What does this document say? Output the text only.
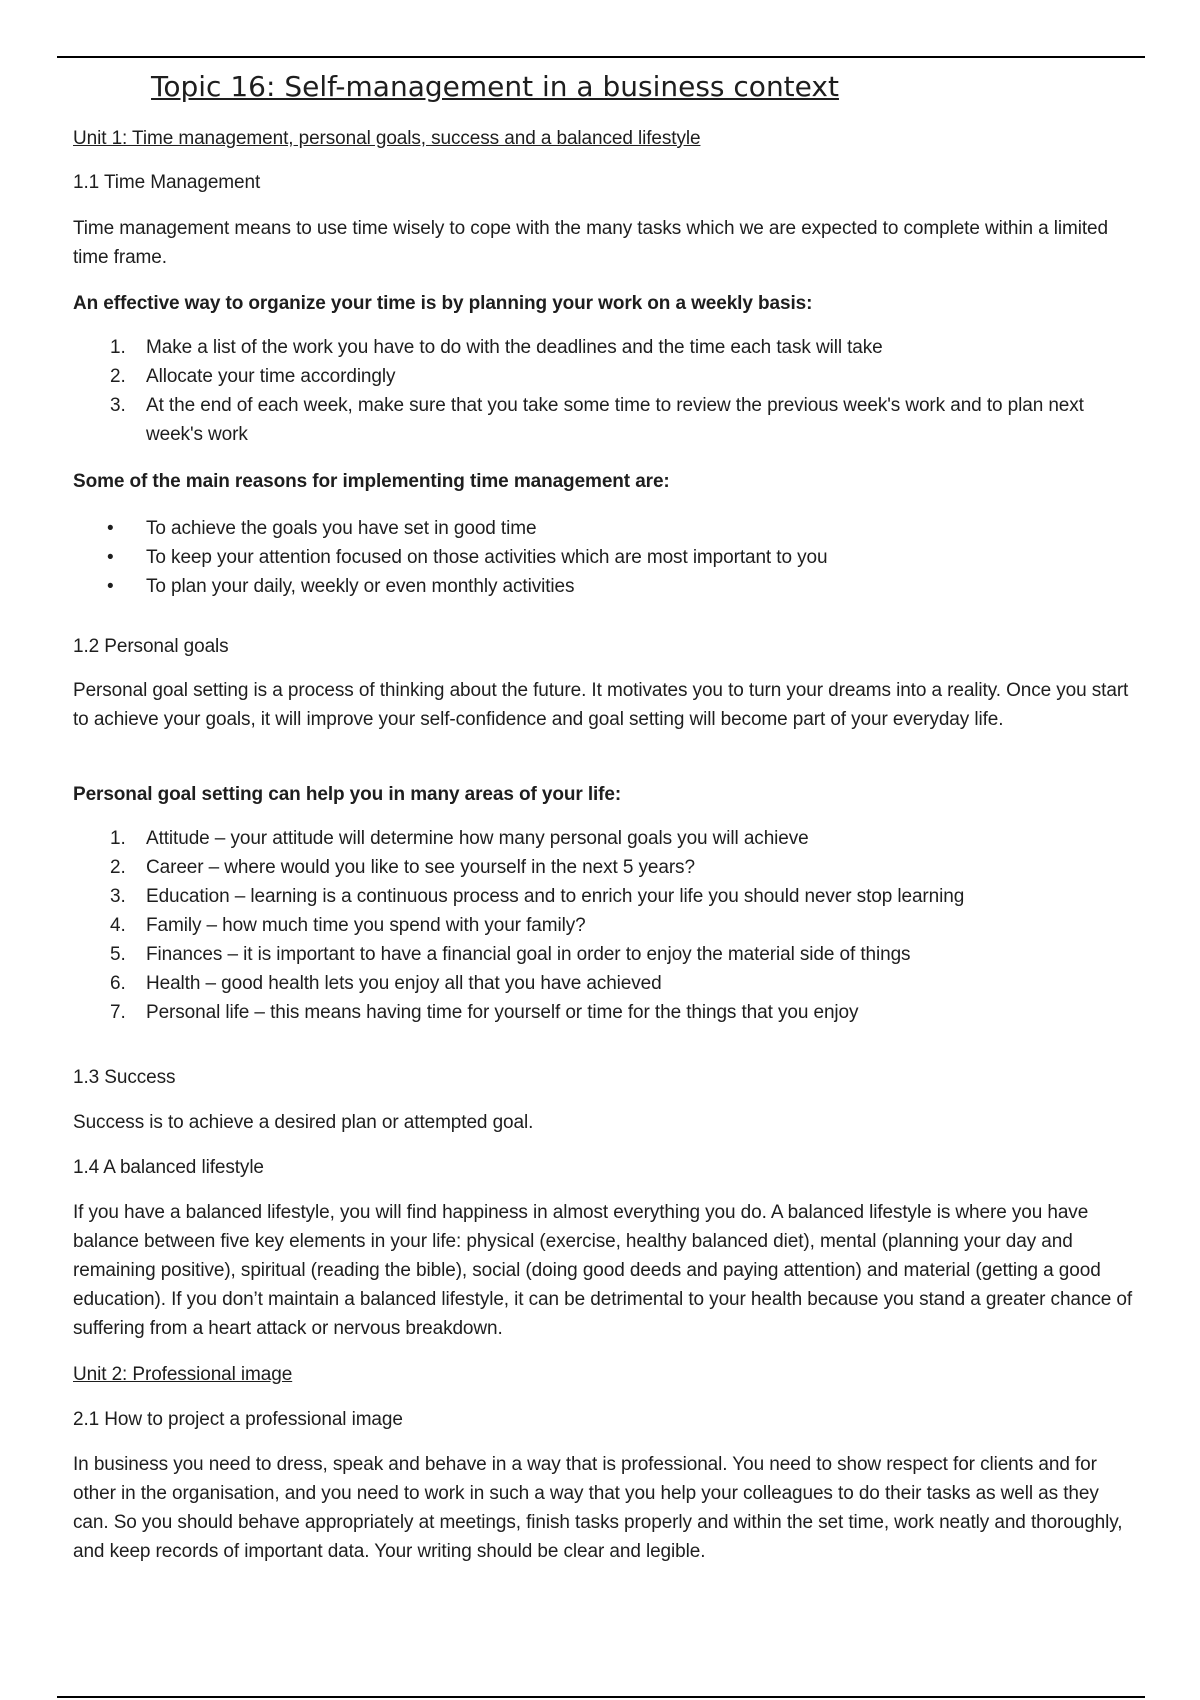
Topic 16: Self-management in a business context

Unit 1: Time management, personal goals, success and a balanced lifestyle

1.1 Time Management

Time management means to use time wisely to cope with the many tasks which we are expected to complete within a limited time frame.

An effective way to organize your time is by planning your work on a weekly basis:

1.	Make a list of the work you have to do with the deadlines and the time each task will take
2.	Allocate your time accordingly
3.	At the end of each week, make sure that you take some time to review the previous week's work and to plan next week's work

Some of the main reasons for implementing time management are:

• To achieve the goals you have set in good time
• To keep your attention focused on those activities which are most important to you
• To plan your daily, weekly or even monthly activities

1.2 Personal goals

Personal goal setting is a process of thinking about the future. It motivates you to turn your dreams into a reality. Once you start to achieve your goals, it will improve your self-confidence and goal setting will become part of your everyday life.

Personal goal setting can help you in many areas of your life:

1.	Attitude – your attitude will determine how many personal goals you will achieve
2.	Career – where would you like to see yourself in the next 5 years?
3.	Education – learning is a continuous process and to enrich your life you should never stop learning
4.	Family – how much time you spend with your family?
5.	Finances – it is important to have a financial goal in order to enjoy the material side of things
6.	Health – good health lets you enjoy all that you have achieved
7.	Personal life – this means having time for yourself or time for the things that you enjoy

1.3 Success

Success is to achieve a desired plan or attempted goal.

1.4 A balanced lifestyle

If you have a balanced lifestyle, you will find happiness in almost everything you do. A balanced lifestyle is where you have balance between five key elements in your life: physical (exercise, healthy balanced diet), mental (planning your day and remaining positive), spiritual (reading the bible), social (doing good deeds and paying attention) and material (getting a good education). If you don’t maintain a balanced lifestyle, it can be detrimental to your health because you stand a greater chance of suffering from a heart attack or nervous breakdown.

Unit 2: Professional image

2.1 How to project a professional image

In business you need to dress, speak and behave in a way that is professional. You need to show respect for clients and for other in the organisation, and you need to work in such a way that you help your colleagues to do their tasks as well as they can. So you should behave appropriately at meetings, finish tasks properly and within the set time, work neatly and thoroughly, and keep records of important data. Your writing should be clear and legible.
